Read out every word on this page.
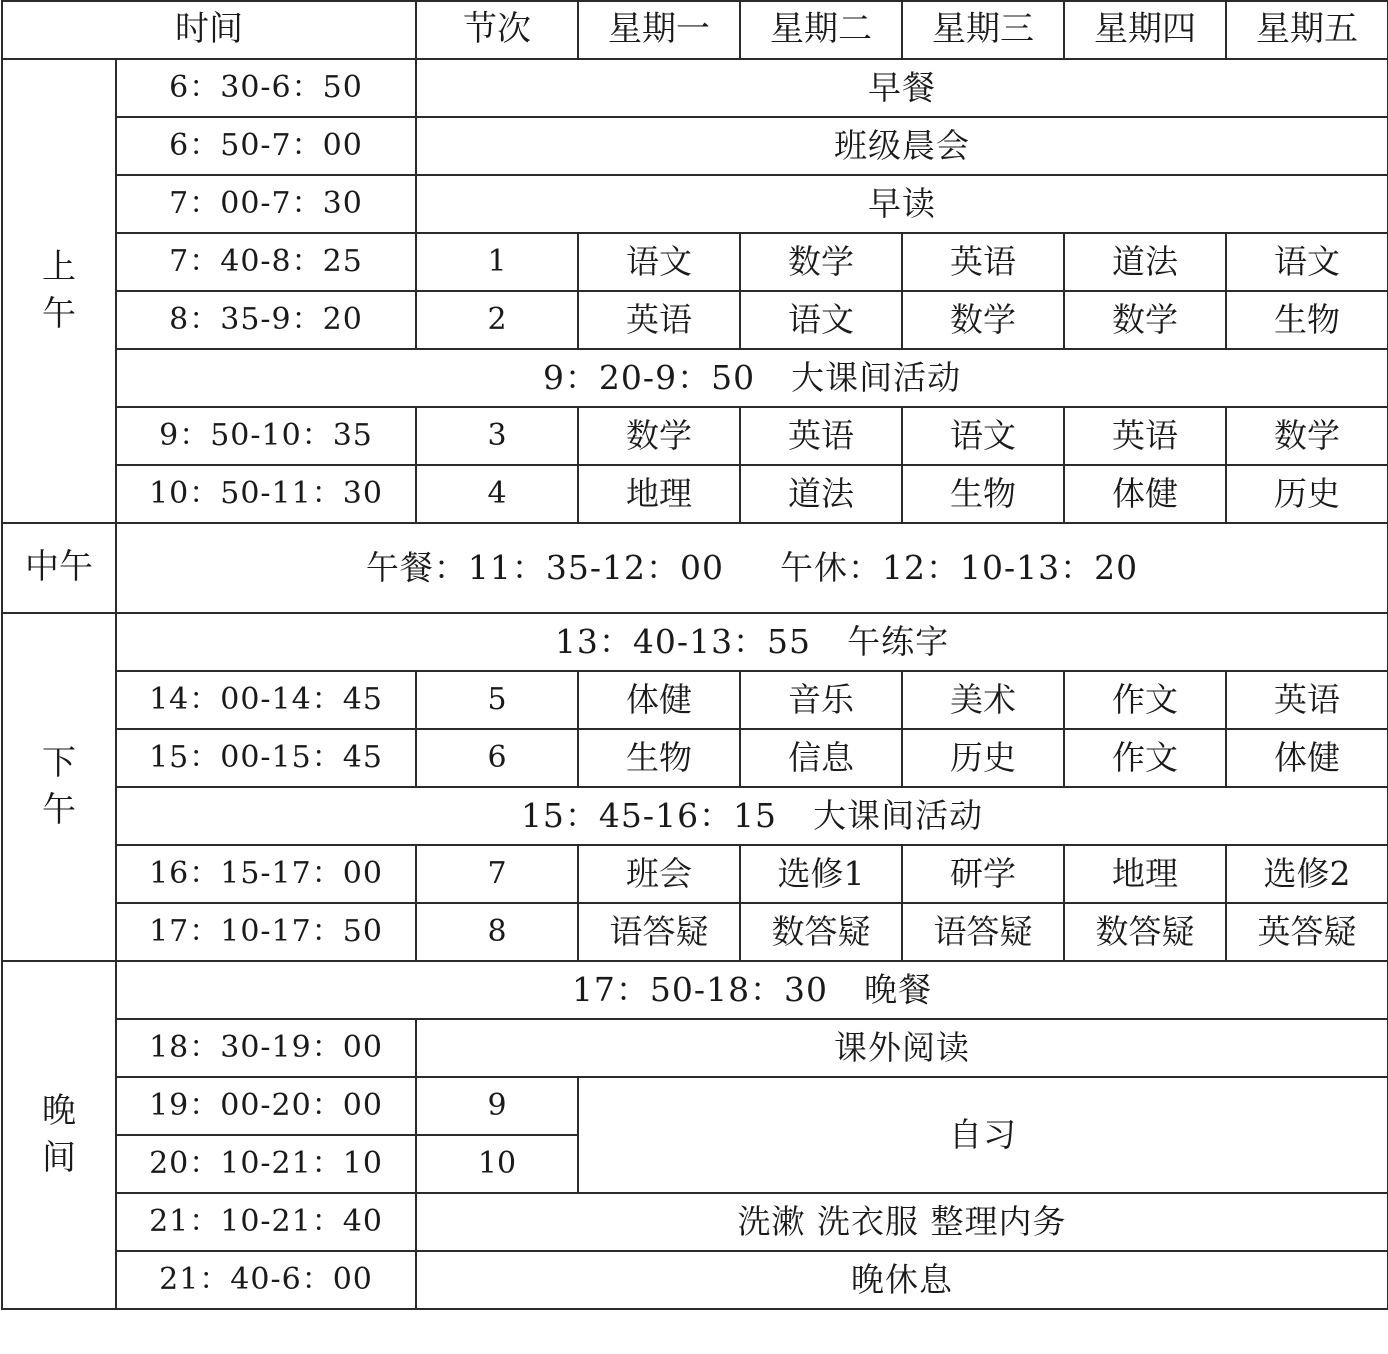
时间		节次	星期一	星期二	星期三	星期四	星期五

上
午	6：30-6：50	早餐					
	6：50-7：00	班级晨会					
	7：00-7：30	早读					
	7：40-8：25	1	语文	数学	英语	道法	语文
	8：35-9：20	2	英语	语文	数学	数学	生物
	9：20-9：50 大课间活动						
	9：50-10：35	3	数学	英语	语文	英语	数学
	10：50-11：30	4	地理	道法	生物	体健	历史
中午	午餐：11：35-12：00 午休：12：10-13：20						

下
午	13：40-13：55 午练字						
	14：00-14：45	5	体健	音乐	美术	作文	英语
	15：00-15：45	6	生物	信息	历史	作文	体健
	15：45-16：15 大课间活动						
	16：15-17：00	7	班会	选修1	研学	地理	选修2
	17：10-17：50	8	语答疑	数答疑	语答疑	数答疑	英答疑

晚
间	17：50-18：30 晚餐						
	18：30-19：00	课外阅读					
	19：00-20：00	9	自习				
	20：10-21：10	10					
	21：10-21：40	洗漱 洗衣服 整理内务					
	21：40-6：00	晚休息					
